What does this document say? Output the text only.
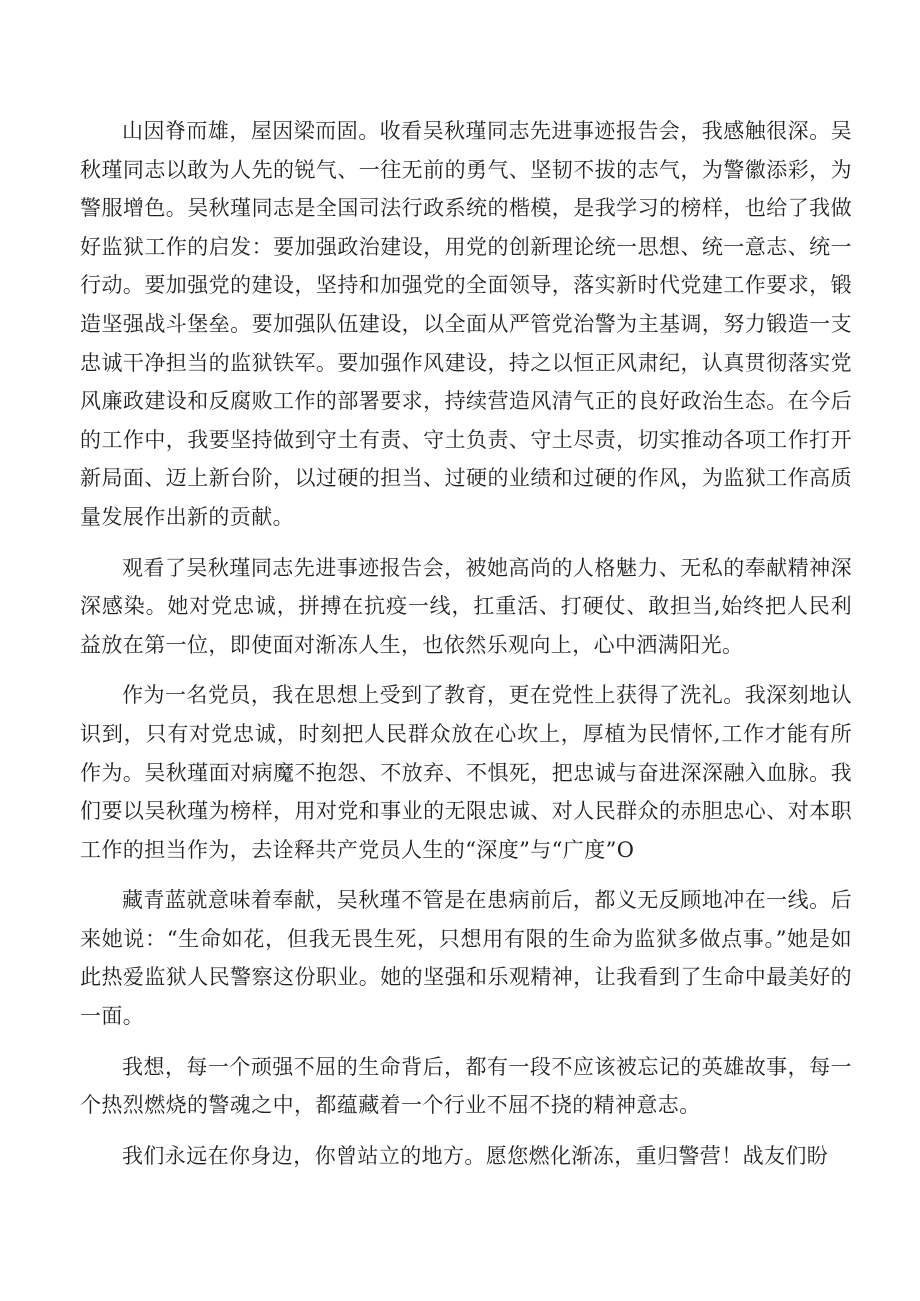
山因脊而雄，屋因梁而固。收看吴秋瑾同志先进事迹报告会，我感触很深。吴秋瑾同志以敢为人先的锐气、一往无前的勇气、坚韧不拔的志气，为警徽添彩，为警服增色。吴秋瑾同志是全国司法行政系统的楷模，是我学习的榜样，也给了我做好监狱工作的启发：要加强政治建设，用党的创新理论统一思想、统一意志、统一行动。要加强党的建设，坚持和加强党的全面领导，落实新时代党建工作要求，锻造坚强战斗堡垒。要加强队伍建设，以全面从严管党治警为主基调，努力锻造一支忠诚干净担当的监狱铁军。要加强作风建设，持之以恒正风肃纪，认真贯彻落实党风廉政建设和反腐败工作的部署要求，持续营造风清气正的良好政治生态。在今后的工作中，我要坚持做到守土有责、守土负责、守土尽责，切实推动各项工作打开新局面、迈上新台阶，以过硬的担当、过硬的业绩和过硬的作风，为监狱工作高质量发展作出新的贡献。

观看了吴秋瑾同志先进事迹报告会，被她高尚的人格魅力、无私的奉献精神深深感染。她对党忠诚，拼搏在抗疫一线，扛重活、打硬仗、敢担当,始终把人民利益放在第一位，即使面对渐冻人生，也依然乐观向上，心中洒满阳光。

作为一名党员，我在思想上受到了教育，更在党性上获得了洗礼。我深刻地认识到，只有对党忠诚，时刻把人民群众放在心坎上，厚植为民情怀,工作才能有所作为。吴秋瑾面对病魔不抱怨、不放弃、不惧死，把忠诚与奋进深深融入血脉。我们要以吴秋瑾为榜样，用对党和事业的无限忠诚、对人民群众的赤胆忠心、对本职工作的担当作为，去诠释共产党员人生的“深度”与“广度”O

藏青蓝就意味着奉献，吴秋瑾不管是在患病前后，都义无反顾地冲在一线。后来她说：“生命如花，但我无畏生死，只想用有限的生命为监狱多做点事。”她是如此热爱监狱人民警察这份职业。她的坚强和乐观精神，让我看到了生命中最美好的一面。

我想，每一个顽强不屈的生命背后，都有一段不应该被忘记的英雄故事，每一个热烈燃烧的警魂之中，都蕴藏着一个行业不屈不挠的精神意志。

我们永远在你身边，你曾站立的地方。愿您燃化渐冻，重归警营！战友们盼
